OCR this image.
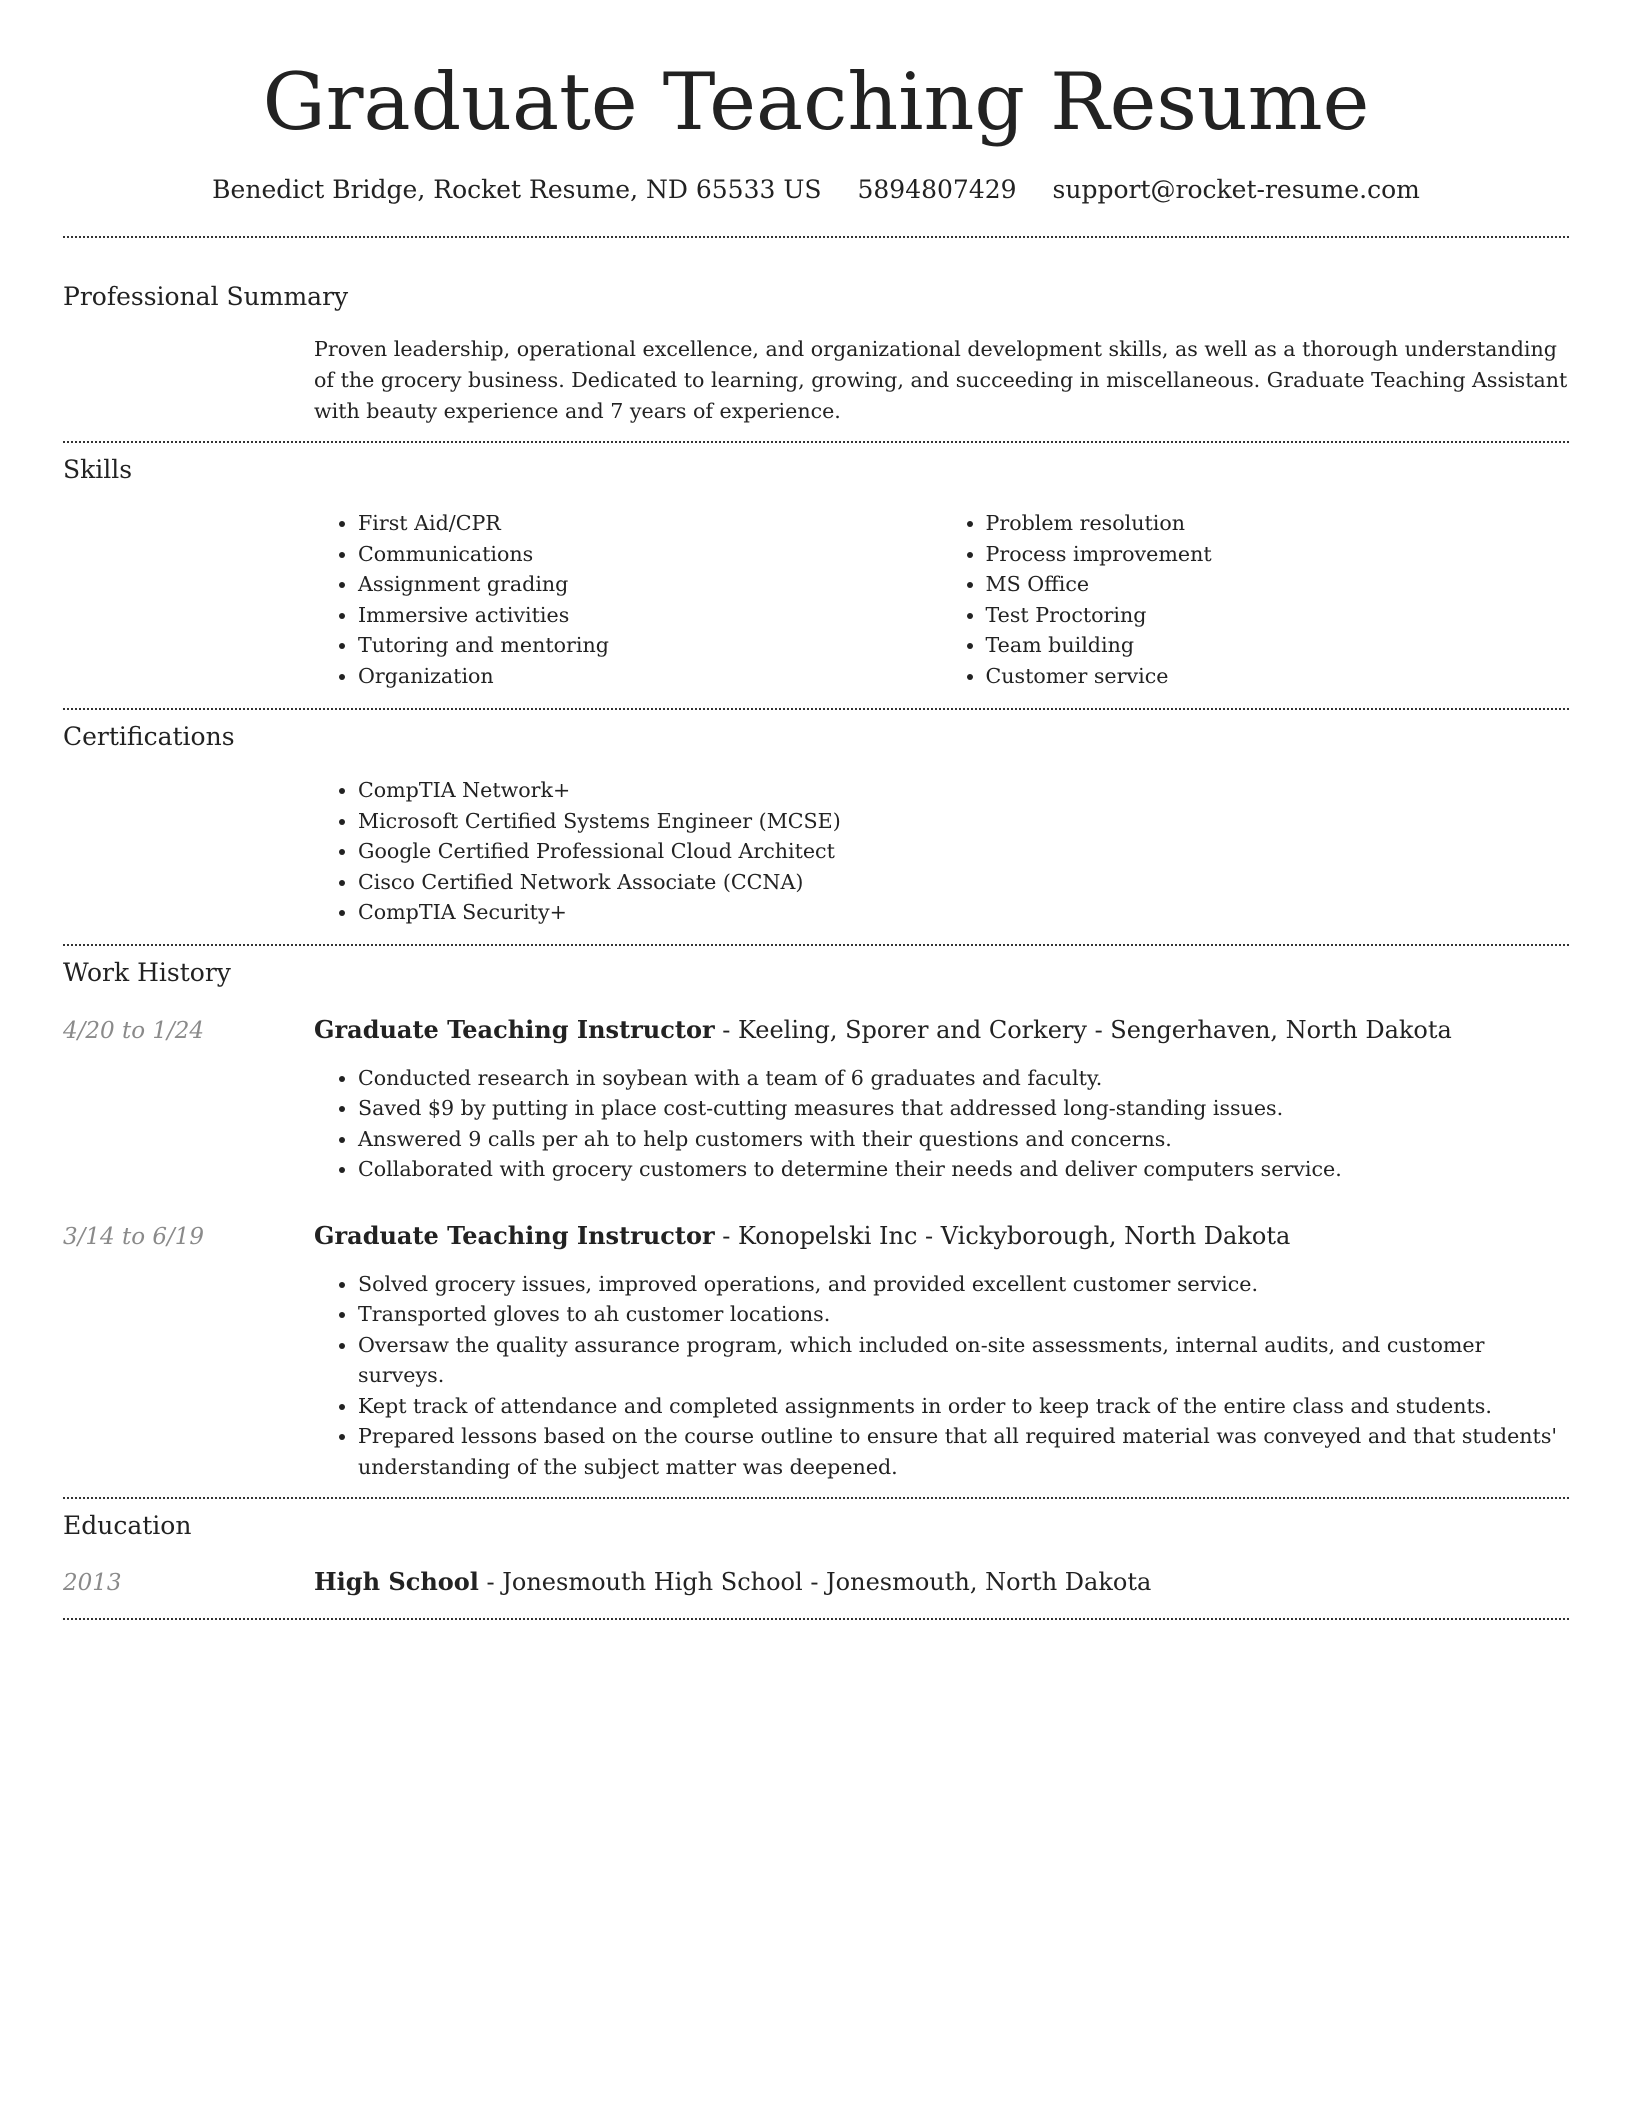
Graduate Teaching Resume
Benedict Bridge, Rocket Resume, ND 65533 US 5894807429 support@rocket-resume.com
Professional Summary
Proven leadership, operational excellence, and organizational development skills, as well as a thorough understanding of the grocery business. Dedicated to learning, growing, and succeeding in miscellaneous. Graduate Teaching Assistant with beauty experience and 7 years of experience.
Skills
• First Aid/CPR
• Communications
• Assignment grading
• Immersive activities
• Tutoring and mentoring
• Organization
• Problem resolution
• Process improvement
• MS Office
• Test Proctoring
• Team building
• Customer service
Certifications
• CompTIA Network+
• Microsoft Certified Systems Engineer (MCSE)
• Google Certified Professional Cloud Architect
• Cisco Certified Network Associate (CCNA)
• CompTIA Security+
Work History
4/20 to 1/24	Graduate Teaching Instructor - Keeling, Sporer and Corkery - Sengerhaven, North Dakota
• Conducted research in soybean with a team of 6 graduates and faculty.
• Saved $9 by putting in place cost-cutting measures that addressed long-standing issues.
• Answered 9 calls per ah to help customers with their questions and concerns.
• Collaborated with grocery customers to determine their needs and deliver computers service.
3/14 to 6/19	Graduate Teaching Instructor - Konopelski Inc - Vickyborough, North Dakota
• Solved grocery issues, improved operations, and provided excellent customer service.
• Transported gloves to ah customer locations.
• Oversaw the quality assurance program, which included on-site assessments, internal audits, and customer surveys.
• Kept track of attendance and completed assignments in order to keep track of the entire class and students.
• Prepared lessons based on the course outline to ensure that all required material was conveyed and that students' understanding of the subject matter was deepened.
Education
2013	High School - Jonesmouth High School - Jonesmouth, North Dakota
